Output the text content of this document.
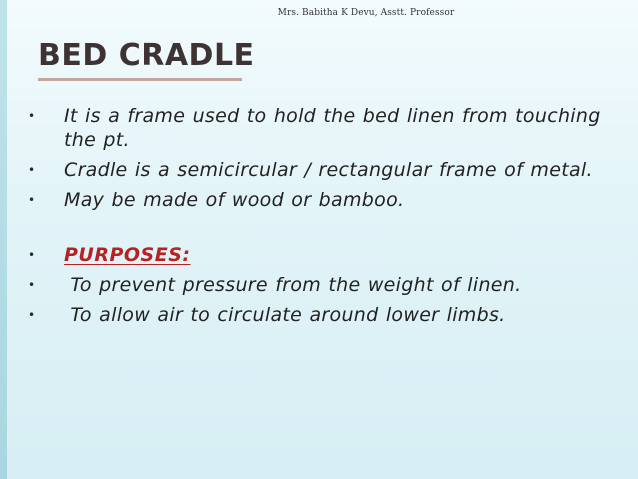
Mrs. Babitha K Devu, Asstt. Professor
BED CRADLE
• It is a frame used to hold the bed linen from touching the pt.
• Cradle is a semicircular / rectangular frame of metal.
• May be made of wood or bamboo.
• PURPOSES:
• To prevent pressure from the weight of linen.
• To allow air to circulate around lower limbs.
